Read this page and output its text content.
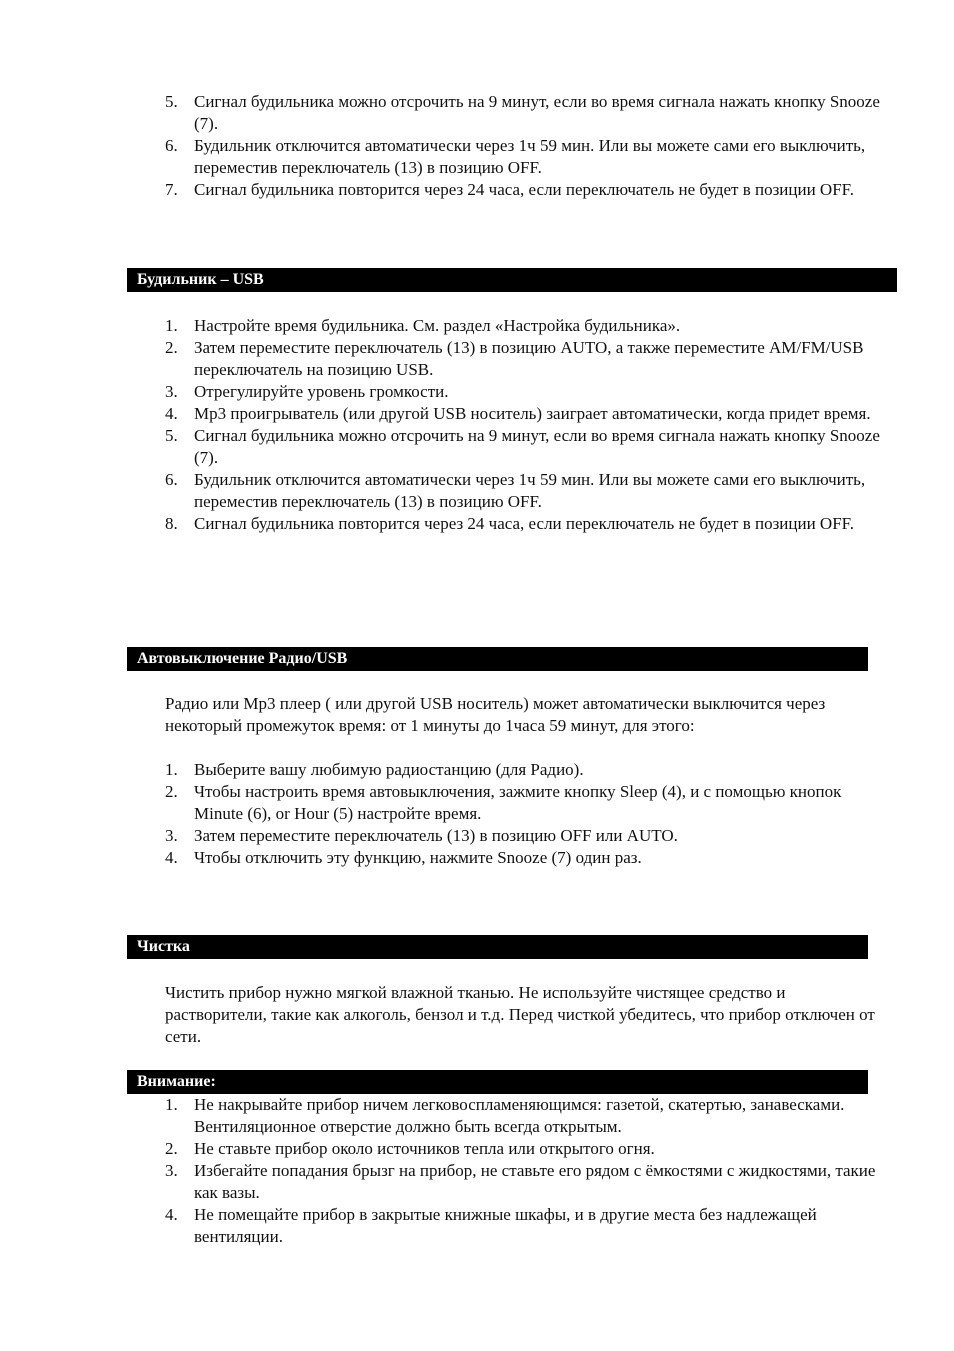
5. Сигнал будильника можно отсрочить на 9 минут, если во время сигнала нажать кнопку Snooze (7).
6. Будильник отключится автоматически через 1ч 59 мин. Или вы можете сами его выключить, переместив переключатель (13) в позицию OFF.
7. Сигнал будильника повторится через 24 часа, если переключатель не будет в позиции OFF.
Будильник – USB
1. Настройте время будильника. См. раздел «Настройка будильника».
2. Затем переместите переключатель (13) в позицию AUTO, а также переместите AM/FM/USB переключатель на позицию USB.
3. Отрегулируйте уровень громкости.
4. Mp3 проигрыватель (или другой USB носитель) заиграет автоматически, когда придет время.
5. Сигнал будильника можно отсрочить на 9 минут, если во время сигнала нажать кнопку Snooze (7).
6. Будильник отключится автоматически через 1ч 59 мин. Или вы можете сами его выключить, переместив переключатель (13) в позицию OFF.
8. Сигнал будильника повторится через 24 часа, если переключатель не будет в позиции OFF.
Автовыключение Радио/USB

Радио или Mp3 плеер ( или другой USB носитель) может автоматически выключится через некоторый промежуток время: от 1 минуты до 1часа 59 минут, для этого:

1. Выберите вашу любимую радиостанцию (для Радио).
2. Чтобы настроить время автовыключения, зажмите кнопку Sleep (4), и с помощью кнопок Minute (6), or Hour (5) настройте время.
3. Затем переместите переключатель (13) в позицию OFF или AUTO.
4. Чтобы отключить эту функцию, нажмите Snooze (7) один раз.
Чистка

Чистить прибор нужно мягкой влажной тканью. Не используйте чистящее средство и растворители, такие как алкоголь, бензол и т.д. Перед чисткой убедитесь, что прибор отключен от сети.

Внимание:
1. Не накрывайте прибор ничем легковоспламеняющимся: газетой, скатертью, занавесками. Вентиляционное отверстие должно быть всегда открытым.
2. Не ставьте прибор около источников тепла или открытого огня.
3. Избегайте попадания брызг на прибор, не ставьте его рядом с ёмкостями с жидкостями, такие как вазы.
4. Не помещайте прибор в закрытые книжные шкафы, и в другие места без надлежащей вентиляции.
